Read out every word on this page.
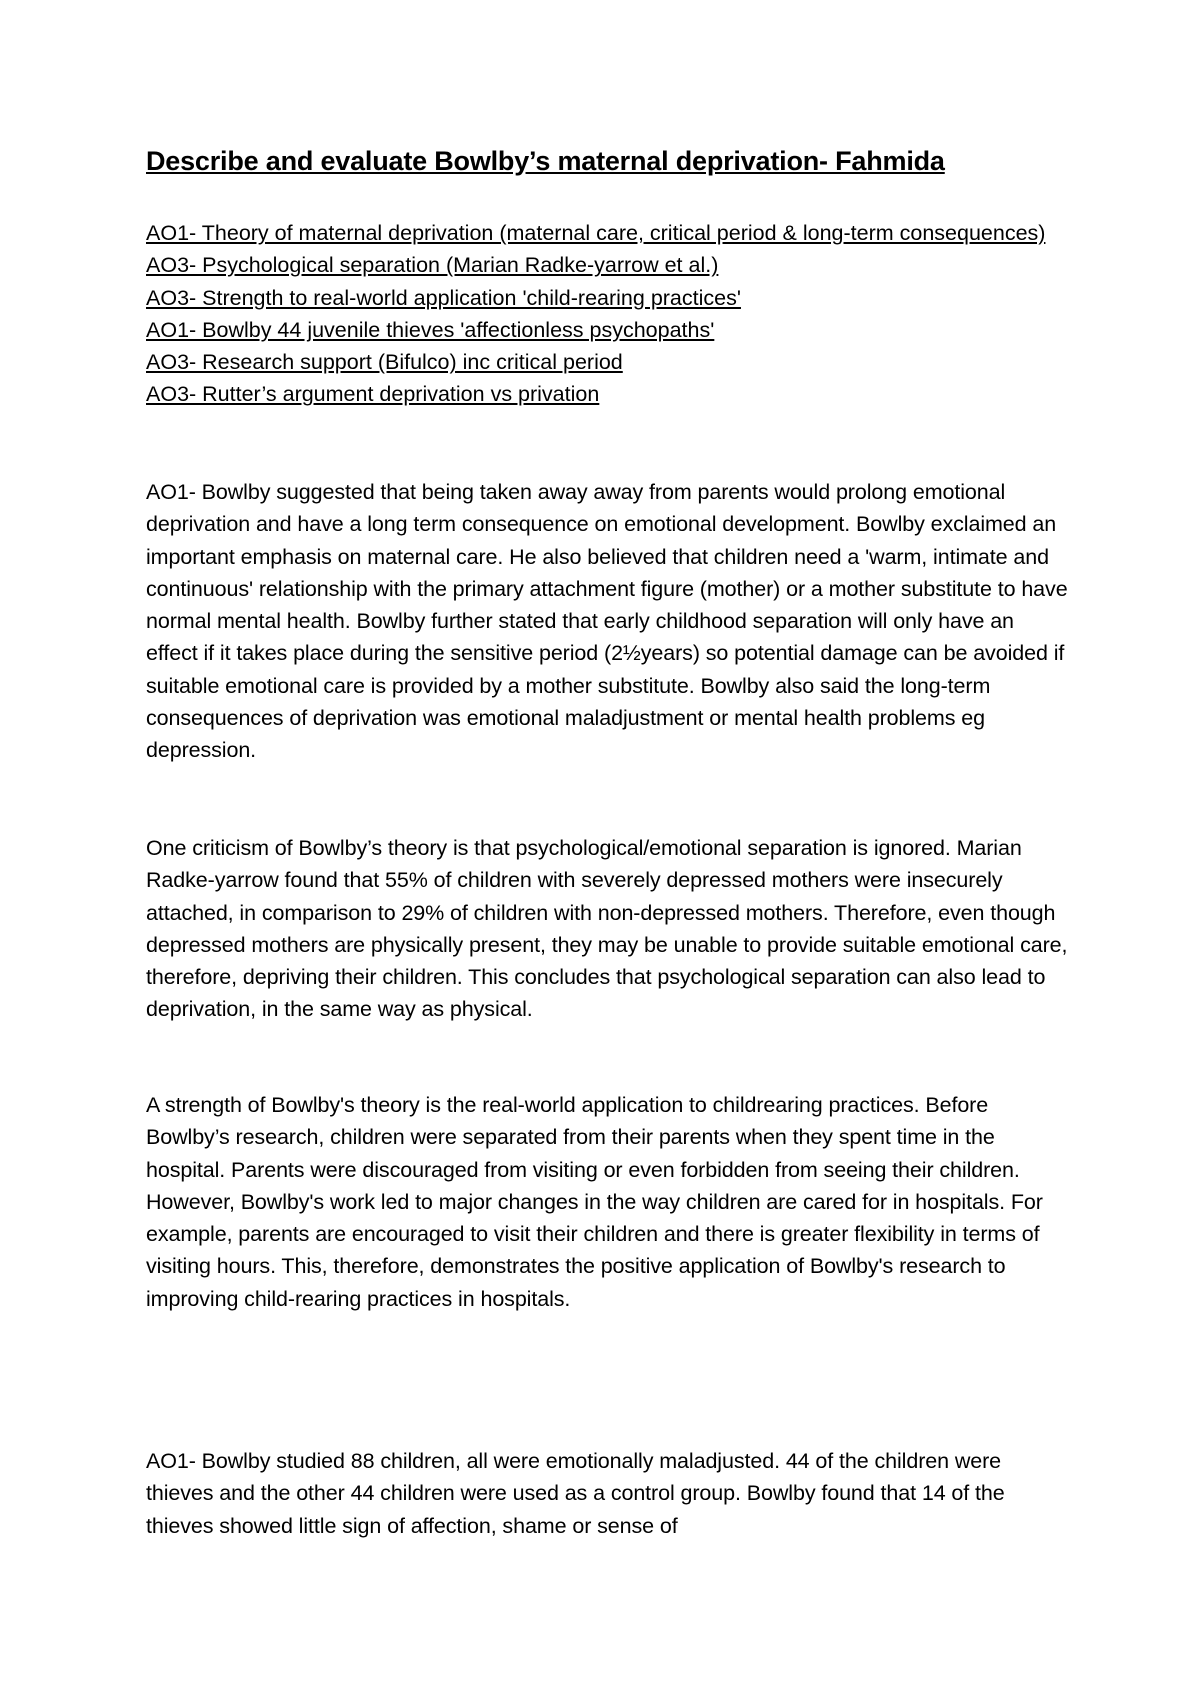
Describe and evaluate Bowlby’s maternal deprivation- Fahmida
AO1- Theory of maternal deprivation (maternal care, critical period & long-term consequences)
AO3- Psychological separation (Marian Radke-yarrow et al.)
AO3- Strength to real-world application 'child-rearing practices'
AO1- Bowlby 44 juvenile thieves 'affectionless psychopaths'
AO3- Research support (Bifulco) inc critical period
AO3- Rutter’s argument deprivation vs privation

AO1- Bowlby suggested that being taken away away from parents would prolong emotional deprivation and have a long term consequence on emotional development. Bowlby exclaimed an important emphasis on maternal care. He also believed that children need a 'warm, intimate and continuous' relationship with the primary attachment figure (mother) or a mother substitute to have normal mental health. Bowlby further stated that early childhood separation will only have an effect if it takes place during the sensitive period (2½years) so potential damage can be avoided if suitable emotional care is provided by a mother substitute. Bowlby also said the long-term consequences of deprivation was emotional maladjustment or mental health problems eg depression.

One criticism of Bowlby’s theory is that psychological/emotional separation is ignored. Marian Radke-yarrow found that 55% of children with severely depressed mothers were insecurely attached, in comparison to 29% of children with non-depressed mothers. Therefore, even though depressed mothers are physically present, they may be unable to provide suitable emotional care, therefore, depriving their children. This concludes that psychological separation can also lead to deprivation, in the same way as physical.

A strength of Bowlby's theory is the real-world application to childrearing practices. Before Bowlby’s research, children were separated from their parents when they spent time in the hospital. Parents were discouraged from visiting or even forbidden from seeing their children. However, Bowlby's work led to major changes in the way children are cared for in hospitals. For example, parents are encouraged to visit their children and there is greater flexibility in terms of visiting hours. This, therefore, demonstrates the positive application of Bowlby's research to improving child-rearing practices in hospitals.

AO1- Bowlby studied 88 children, all were emotionally maladjusted. 44 of the children were thieves and the other 44 children were used as a control group. Bowlby found that 14 of the thieves showed little sign of affection, shame or sense of
